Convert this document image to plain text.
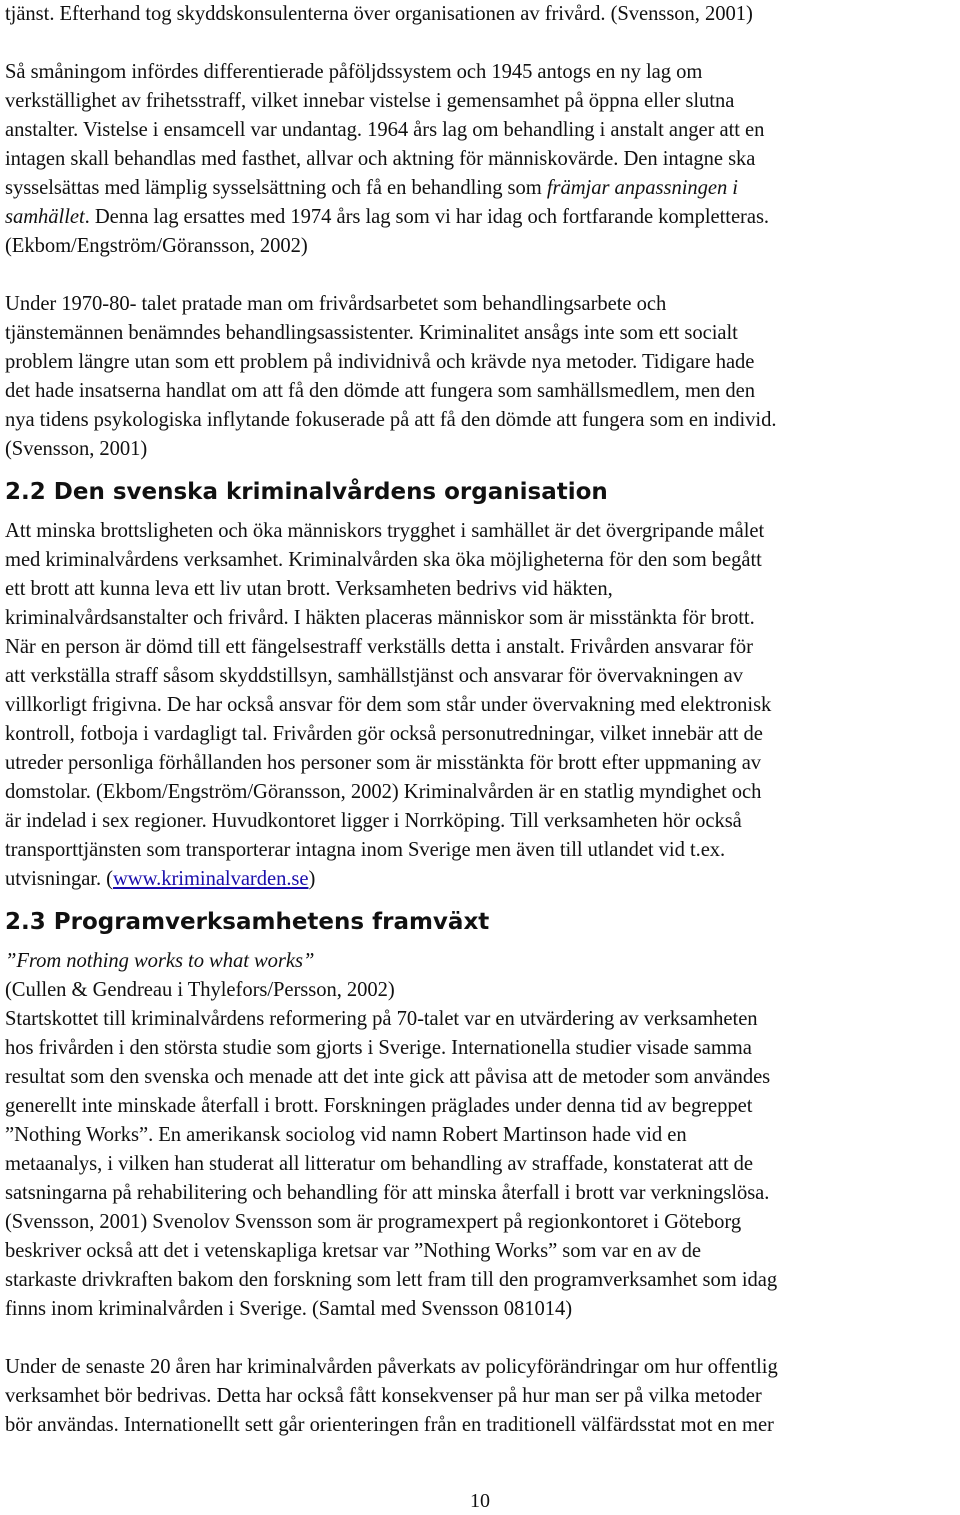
tjänst. Efterhand tog skyddskonsulenterna över organisationen av frivård. (Svensson, 2001)

Så småningom infördes differentierade påföljdssystem och 1945 antogs en ny lag om
verkställighet av frihetsstraff, vilket innebar vistelse i gemensamhet på öppna eller slutna
anstalter. Vistelse i ensamcell var undantag. 1964 års lag om behandling i anstalt anger att en
intagen skall behandlas med fasthet, allvar och aktning för människovärde. Den intagne ska
sysselsättas med lämplig sysselsättning och få en behandling som främjar anpassningen i
samhället. Denna lag ersattes med 1974 års lag som vi har idag och fortfarande kompletteras.
(Ekbom/Engström/Göransson, 2002)

Under 1970-80- talet pratade man om frivårdsarbetet som behandlingsarbete och
tjänstemännen benämndes behandlingsassistenter. Kriminalitet ansågs inte som ett socialt
problem längre utan som ett problem på individnivå och krävde nya metoder. Tidigare hade
det hade insatserna handlat om att få den dömde att fungera som samhällsmedlem, men den
nya tidens psykologiska inflytande fokuserade på att få den dömde att fungera som en individ.
(Svensson, 2001)

2.2 Den svenska kriminalvårdens organisation

Att minska brottsligheten och öka människors trygghet i samhället är det övergripande målet
med kriminalvårdens verksamhet. Kriminalvården ska öka möjligheterna för den som begått
ett brott att kunna leva ett liv utan brott. Verksamheten bedrivs vid häkten,
kriminalvårdsanstalter och frivård. I häkten placeras människor som är misstänkta för brott.
När en person är dömd till ett fängelsestraff verkställs detta i anstalt. Frivården ansvarar för
att verkställa straff såsom skyddstillsyn, samhällstjänst och ansvarar för övervakningen av
villkorligt frigivna. De har också ansvar för dem som står under övervakning med elektronisk
kontroll, fotboja i vardagligt tal. Frivården gör också personutredningar, vilket innebär att de
utreder personliga förhållanden hos personer som är misstänkta för brott efter uppmaning av
domstolar. (Ekbom/Engström/Göransson, 2002) Kriminalvården är en statlig myndighet och
är indelad i sex regioner. Huvudkontoret ligger i Norrköping. Till verksamheten hör också
transporttjänsten som transporterar intagna inom Sverige men även till utlandet vid t.ex.
utvisningar. (www.kriminalvarden.se)

2.3 Programverksamhetens framväxt

”From nothing works to what works”
(Cullen & Gendreau i Thylefors/Persson, 2002)

Startskottet till kriminalvårdens reformering på 70-talet var en utvärdering av verksamheten
hos frivården i den största studie som gjorts i Sverige. Internationella studier visade samma
resultat som den svenska och menade att det inte gick att påvisa att de metoder som användes
generellt inte minskade återfall i brott. Forskningen präglades under denna tid av begreppet
”Nothing Works”. En amerikansk sociolog vid namn Robert Martinson hade vid en
metaanalys, i vilken han studerat all litteratur om behandling av straffade, konstaterat att de
satsningarna på rehabilitering och behandling för att minska återfall i brott var verkningslösa.
(Svensson, 2001) Svenolov Svensson som är programexpert på regionkontoret i Göteborg
beskriver också att det i vetenskapliga kretsar var ”Nothing Works” som var en av de
starkaste drivkraften bakom den forskning som lett fram till den programverksamhet som idag
finns inom kriminalvården i Sverige. (Samtal med Svensson 081014)

Under de senaste 20 åren har kriminalvården påverkats av policyförändringar om hur offentlig
verksamhet bör bedrivas. Detta har också fått konsekvenser på hur man ser på vilka metoder
bör användas. Internationellt sett går orienteringen från en traditionell välfärdsstat mot en mer

10
